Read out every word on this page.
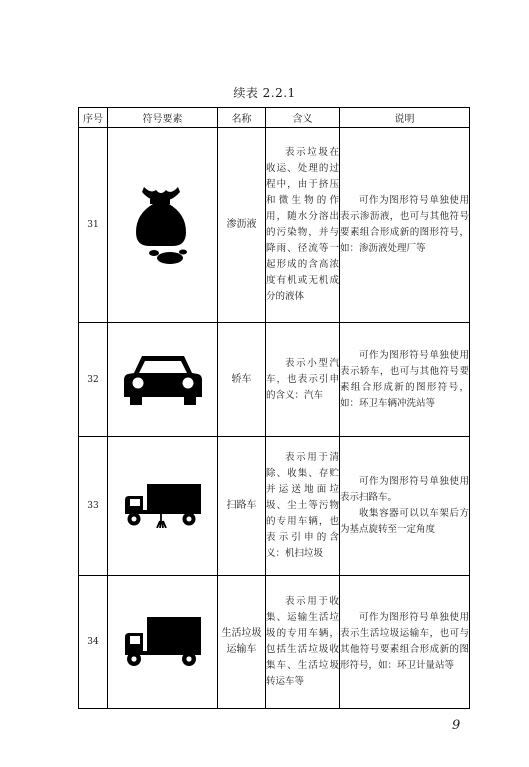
续表 2.2.1
序号	符号要素	名称	含义	说明
31		渗沥液	表示垃圾在收运、处理的过程中，由于挤压和微生物的作用，随水分溶出的污染物，并与降雨、径流等一起形成的含高浓度有机或无机成分的液体	可作为图形符号单独使用表示渗沥液，也可与其他符号要素组合形成新的图形符号，如：渗沥液处理厂等

32		轿车	表示小型汽车，也表示引申的含义：汽车	可作为图形符号单独使用表示轿车，也可与其他符号要素组合形成新的图形符号，如：环卫车辆冲洗站等

33		扫路车	表示用于清除、收集、存贮并运送地面垃圾、尘土等污物的专用车辆，也表示引申的含义：机扫垃圾	可作为图形符号单独使用表示扫路车。

收集容器可以以车架后方为基点旋转至一定角度

34		生活垃圾运输车	表示用于收集、运输生活垃圾的专用车辆，包括生活垃圾收集车、生活垃圾转运车等	可作为图形符号单独使用表示生活垃圾运输车，也可与其他符号要素组合形成新的图形符号，如：环卫计量站等

9
